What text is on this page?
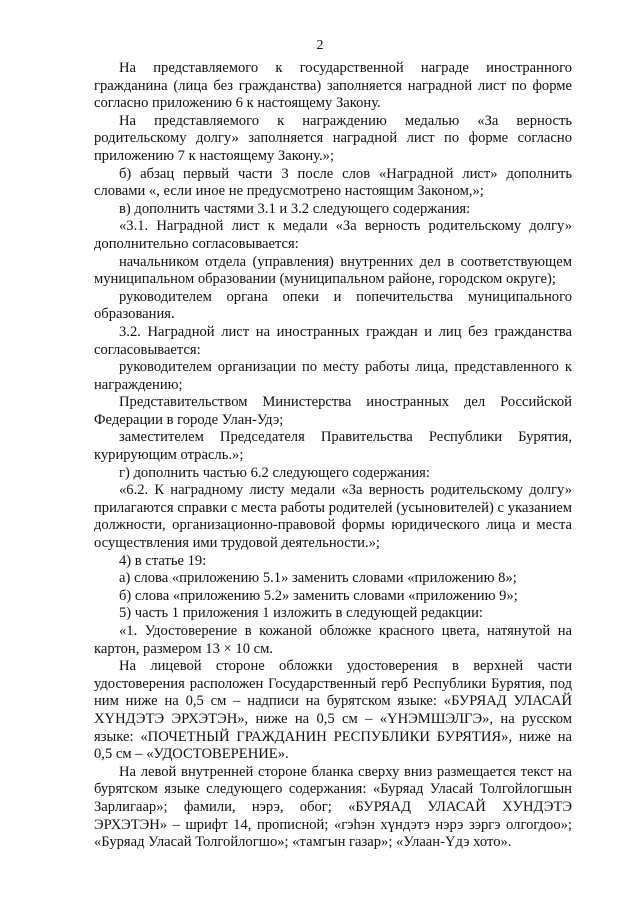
2

На представляемого к государственной награде иностранного гражданина (лица без гражданства) заполняется наградной лист по форме согласно приложению 6 к настоящему Закону.

На представляемого к награждению медалью «За верность родительскому долгу» заполняется наградной лист по форме согласно приложению 7 к настоящему Закону.»;

б) абзац первый части 3 после слов «Наградной лист» дополнить словами «, если иное не предусмотрено настоящим Законом,»;

в) дополнить частями 3.1 и 3.2 следующего содержания:

«3.1. Наградной лист к медали «За верность родительскому долгу» дополнительно согласовывается:

начальником отдела (управления) внутренних дел в соответствующем муниципальном образовании (муниципальном районе, городском округе);

руководителем органа опеки и попечительства муниципального образования.

3.2. Наградной лист на иностранных граждан и лиц без гражданства согласовывается:

руководителем организации по месту работы лица, представленного к награждению;

Представительством Министерства иностранных дел Российской Федерации в городе Улан-Удэ;

заместителем Председателя Правительства Республики Бурятия, курирующим отрасль.»;

г) дополнить частью 6.2 следующего содержания:

«6.2. К наградному листу медали «За верность родительскому долгу» прилагаются справки с места работы родителей (усыновителей) с указанием должности, организационно-правовой формы юридического лица и места осуществления ими трудовой деятельности.»;

4) в статье 19:

а) слова «приложению 5.1» заменить словами «приложению 8»;

б) слова «приложению 5.2» заменить словами «приложению 9»;

5) часть 1 приложения 1 изложить в следующей редакции:

«1. Удостоверение в кожаной обложке красного цвета, натянутой на картон, размером 13 × 10 см.

На лицевой стороне обложки удостоверения в верхней части удостоверения расположен Государственный герб Республики Бурятия, под ним ниже на 0,5 см – надписи на бурятском языке: «БУРЯАД УЛАСАЙ ХYНДЭТЭ ЭРХЭТЭН», ниже на 0,5 см – «YНЭМШЭЛГЭ», на русском языке: «ПОЧЕТНЫЙ ГРАЖДАНИН РЕСПУБЛИКИ БУРЯТИЯ», ниже на 0,5 см – «УДОСТОВЕРЕНИЕ».

На левой внутренней стороне бланка сверху вниз размещается текст на бурятском языке следующего содержания: «Буряад Уласай Толгойлогшын Зарлигаар»; фамили, нэрэ, обог; «БУРЯАД УЛАСАЙ ХУНДЭТЭ ЭРХЭТЭН» – шрифт 14, прописной; «гэһэн хүндэтэ нэрэ зэргэ олгогдоо»; «Буряад Уласай Толгойлогшо»; «тамгын газар»; «Улаан-Үдэ хото».
